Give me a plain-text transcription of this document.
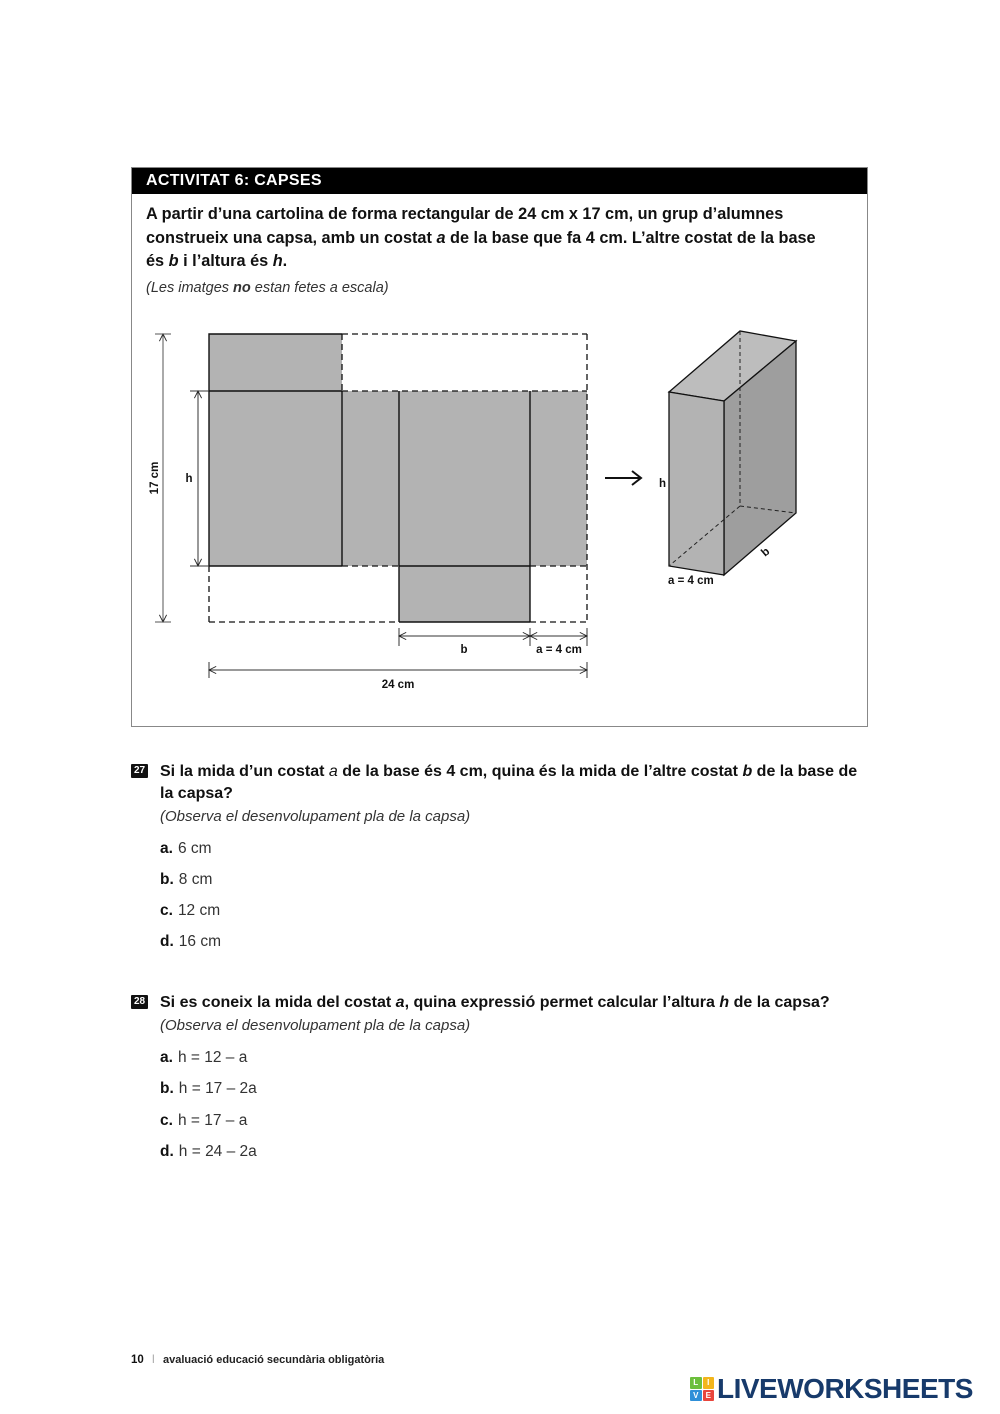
ACTIVITAT 6: CAPSES
A partir d’una cartolina de forma rectangular de 24 cm x 17 cm, un grup d’alumnes
construeix una capsa, amb un costat a de la base que fa 4 cm. L’altre costat de la base
és b i l’altura és h.
(Les imatges no estan fetes a escala)
17 cm h
b	a = 4 cm
24 cm
h
a = 4 cm
b
27 Si la mida d’un costat a de la base és 4 cm, quina és la mida de l’altre costat b de la base de
la capsa?
(Observa el desenvolupament pla de la capsa)
a. 6 cm
b. 8 cm
c. 12 cm
d. 16 cm
28 Si es coneix la mida del costat a, quina expressió permet calcular l’altura h de la capsa?
(Observa el desenvolupament pla de la capsa)
a. h = 12 – a
b. h = 17 – 2a
c. h = 17 – a
d. h = 24 – 2a
10 I avaluació educació secundària obligatòria
L	I
V E LIVEWORKSHEETS
